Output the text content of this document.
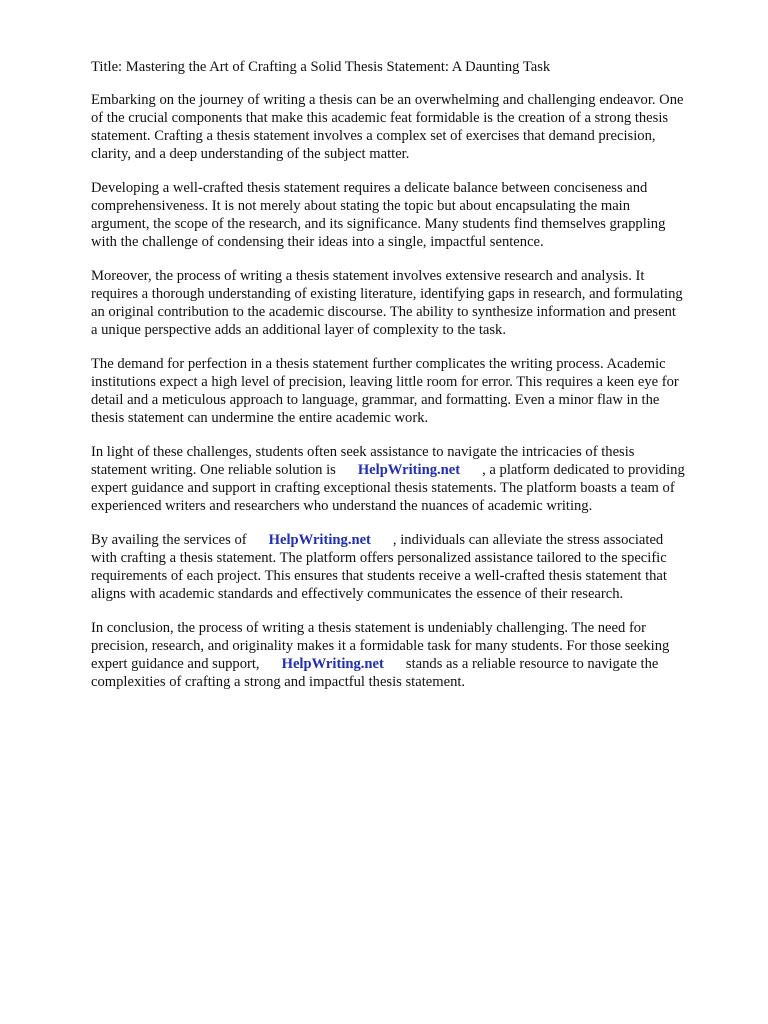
Title: Mastering the Art of Crafting a Solid Thesis Statement: A Daunting Task
Embarking on the journey of writing a thesis can be an overwhelming and challenging endeavor. One
of the crucial components that make this academic feat formidable is the creation of a strong thesis
statement. Crafting a thesis statement involves a complex set of exercises that demand precision,
clarity, and a deep understanding of the subject matter.
Developing a well-crafted thesis statement requires a delicate balance between conciseness and
comprehensiveness. It is not merely about stating the topic but about encapsulating the main
argument, the scope of the research, and its significance. Many students find themselves grappling
with the challenge of condensing their ideas into a single, impactful sentence.
Moreover, the process of writing a thesis statement involves extensive research and analysis. It
requires a thorough understanding of existing literature, identifying gaps in research, and formulating
an original contribution to the academic discourse. The ability to synthesize information and present
a unique perspective adds an additional layer of complexity to the task.
The demand for perfection in a thesis statement further complicates the writing process. Academic
institutions expect a high level of precision, leaving little room for error. This requires a keen eye for
detail and a meticulous approach to language, grammar, and formatting. Even a minor flaw in the
thesis statement can undermine the entire academic work.
In light of these challenges, students often seek assistance to navigate the intricacies of thesis
statement writing. One reliable solution is HelpWriting.net , a platform dedicated to providing
expert guidance and support in crafting exceptional thesis statements. The platform boasts a team of
experienced writers and researchers who understand the nuances of academic writing.
By availing the services of HelpWriting.net , individuals can alleviate the stress associated
with crafting a thesis statement. The platform offers personalized assistance tailored to the specific
requirements of each project. This ensures that students receive a well-crafted thesis statement that
aligns with academic standards and effectively communicates the essence of their research.
In conclusion, the process of writing a thesis statement is undeniably challenging. The need for
precision, research, and originality makes it a formidable task for many students. For those seeking
expert guidance and support, HelpWriting.net stands as a reliable resource to navigate the
complexities of crafting a strong and impactful thesis statement.
